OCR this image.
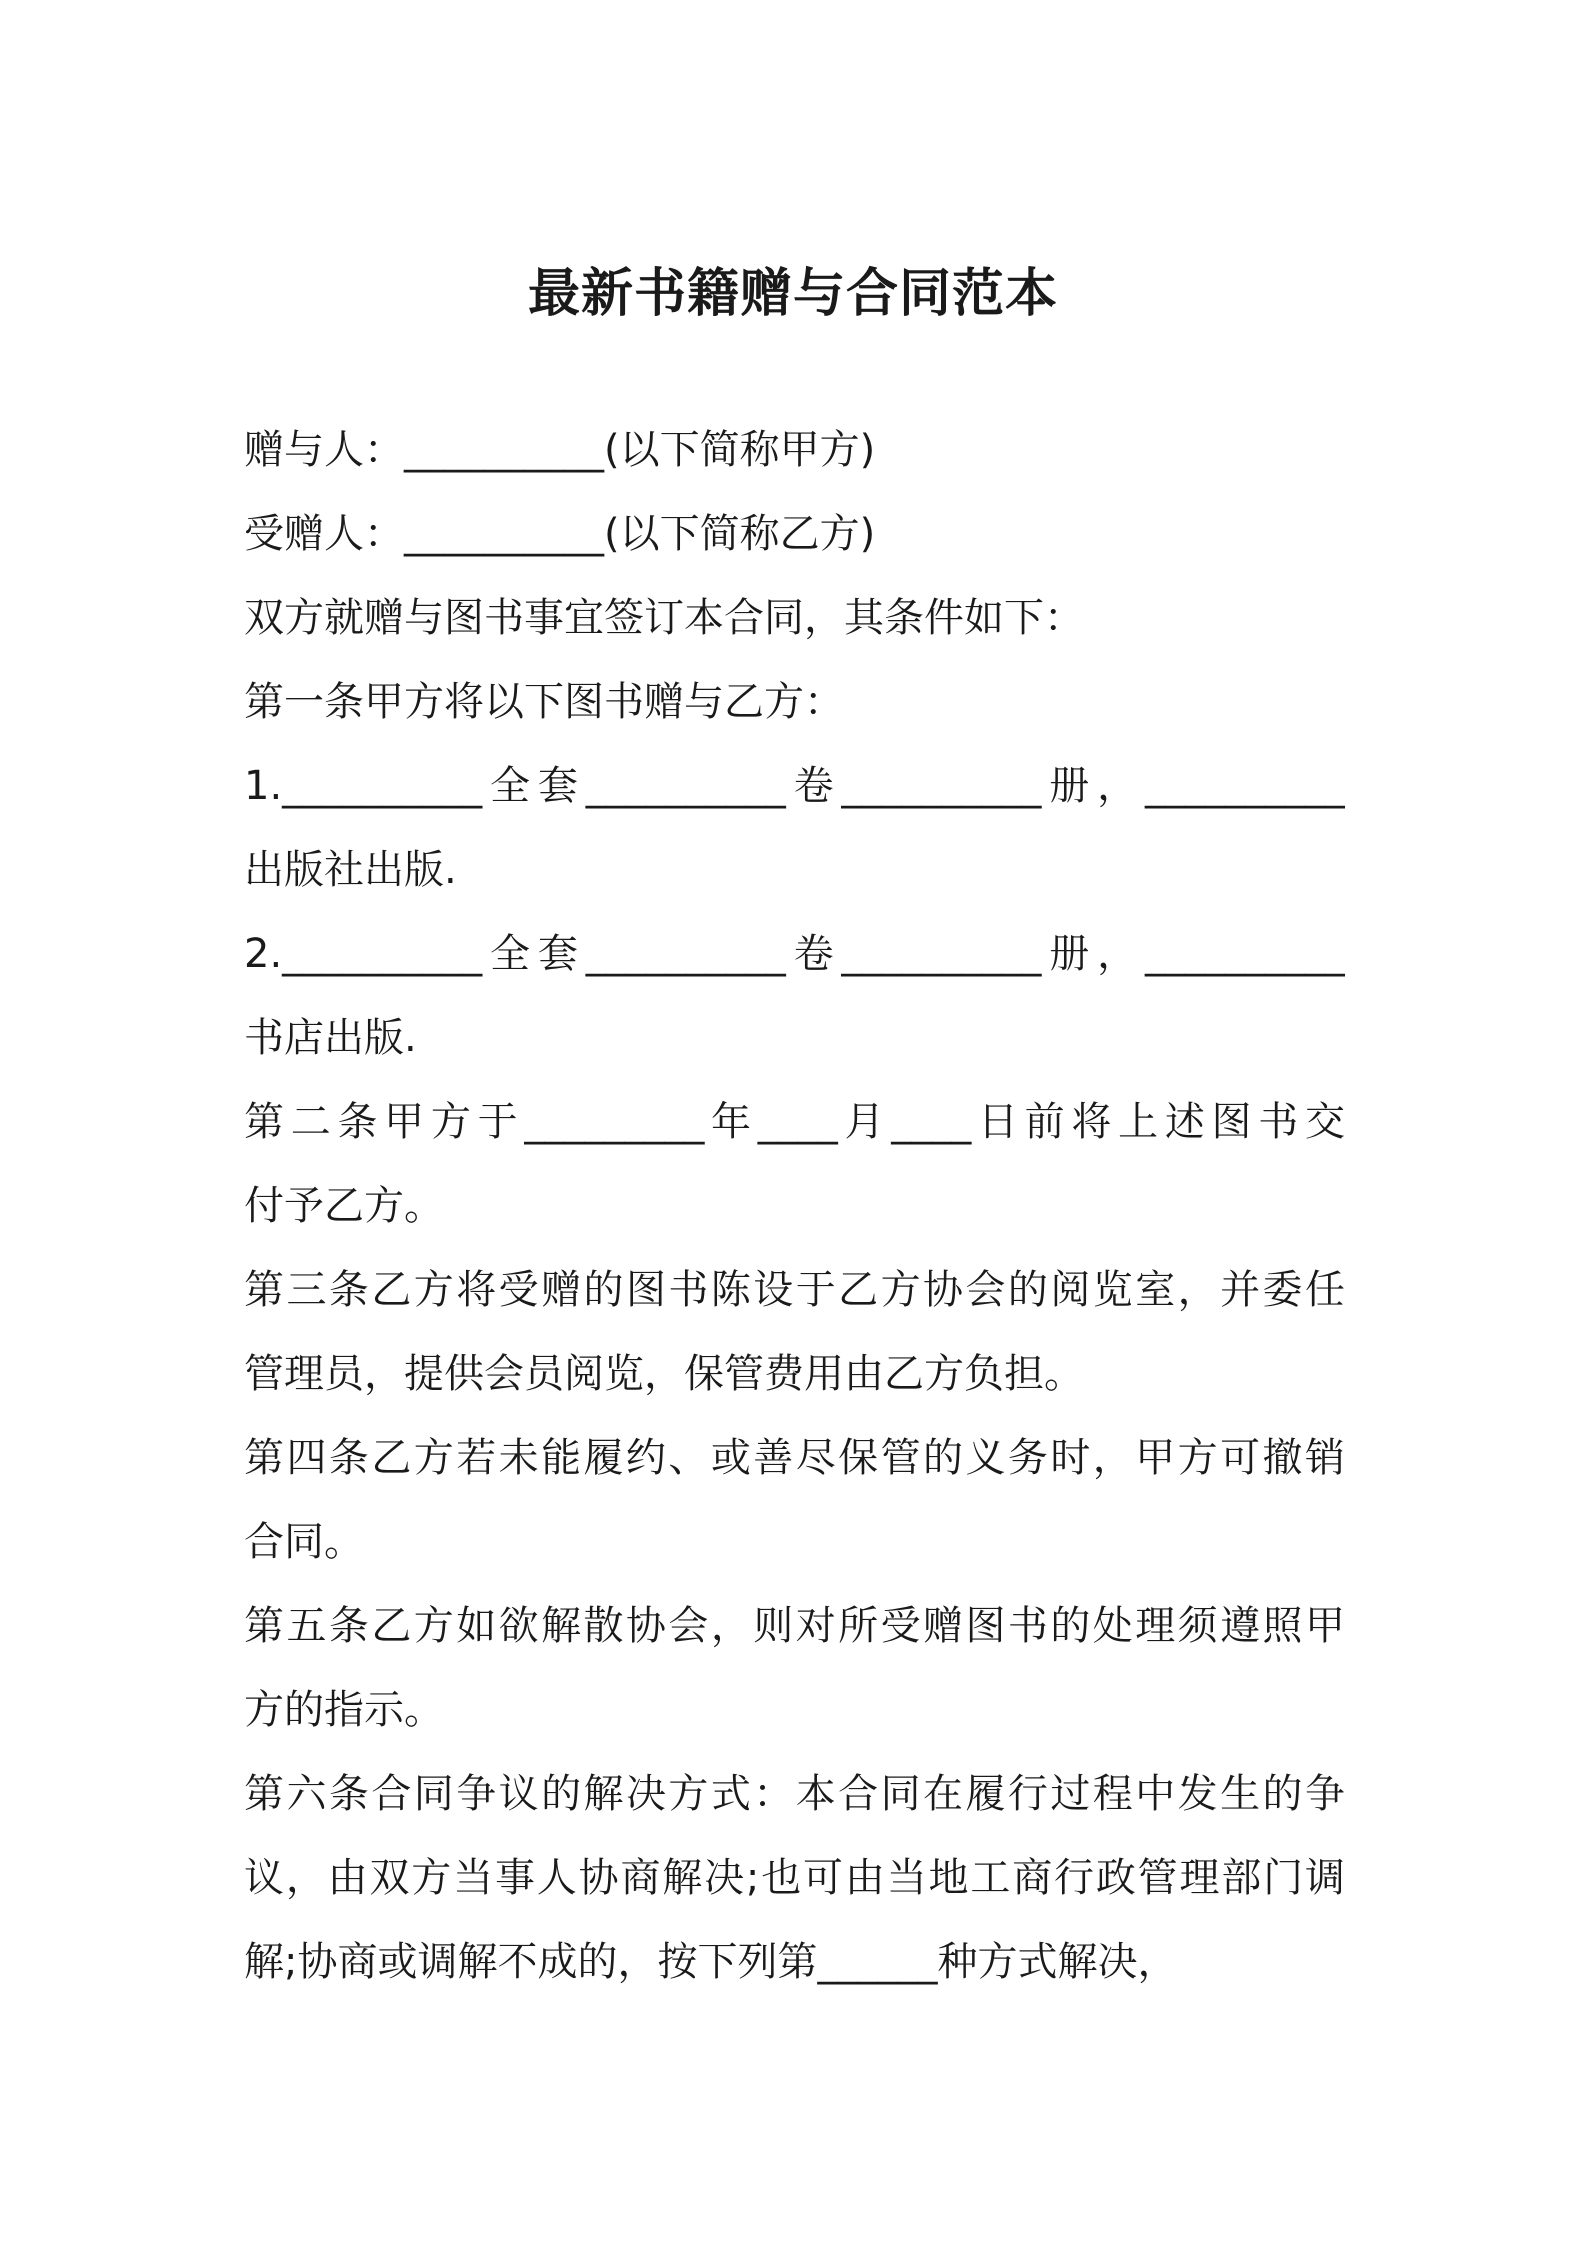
最新书籍赠与合同范本

赠与人：__________(以下简称甲方)

受赠人：__________(以下简称乙方)

双方就赠与图书事宜签订本合同，其条件如下：

第一条甲方将以下图书赠与乙方：

1.__________全套__________卷__________册，__________

出版社出版.

2.__________全套__________卷__________册，__________

书店出版.

第二条甲方于_________年____月____日前将上述图书交

付予乙方。

第三条乙方将受赠的图书陈设于乙方协会的阅览室，并委任

管理员，提供会员阅览，保管费用由乙方负担。

第四条乙方若未能履约、或善尽保管的义务时，甲方可撤销

合同。

第五条乙方如欲解散协会，则对所受赠图书的处理须遵照甲

方的指示。

第六条合同争议的解决方式：本合同在履行过程中发生的争

议，由双方当事人协商解决;也可由当地工商行政管理部门调

解;协商或调解不成的，按下列第______种方式解决，
